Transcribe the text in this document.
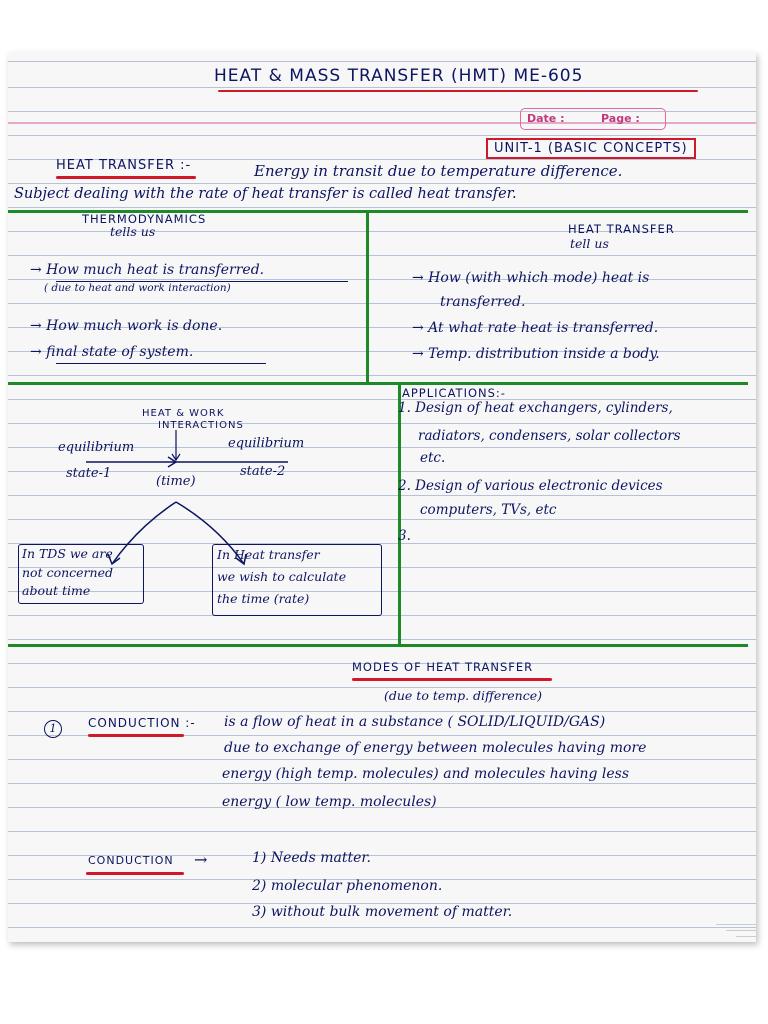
HEAT & MASS TRANSFER (HMT) ME-605
Date :	Page :
UNIT-1 (BASIC CONCEPTS)
HEAT TRANSFER :-	Energy in transit due to temperature difference.
Subject dealing with the rate of heat transfer is called heat transfer.
THERMODYNAMICS
tells us
→ How much heat is transferred.
( due to heat and work interaction)
→ How much work is done.
→ final state of system.
HEAT TRANSFER
tell us
→ How (with which mode) heat is
transferred.
→ At what rate heat is transferred.
→ Temp. distribution inside a body.
HEAT & WORK
INTERACTIONS
equilibrium	equilibrium
state-1	state-2
(time)
In TDS we are
not concerned
about time
In Heat transfer
we wish to calculate
the time (rate)
APPLICATIONS:-
1. Design of heat exchangers, cylinders,
radiators, condensers, solar collectors
etc.
2. Design of various electronic devices
computers, TVs, etc
3.
MODES OF HEAT TRANSFER
(due to temp. difference)
1	CONDUCTION :- is a flow of heat in a substance ( SOLID/LIQUID/GAS)
due to exchange of energy between molecules having more
energy (high temp. molecules) and molecules having less
energy ( low temp. molecules)
CONDUCTION →	1) Needs matter.
2) molecular phenomenon.
3) without bulk movement of matter.
